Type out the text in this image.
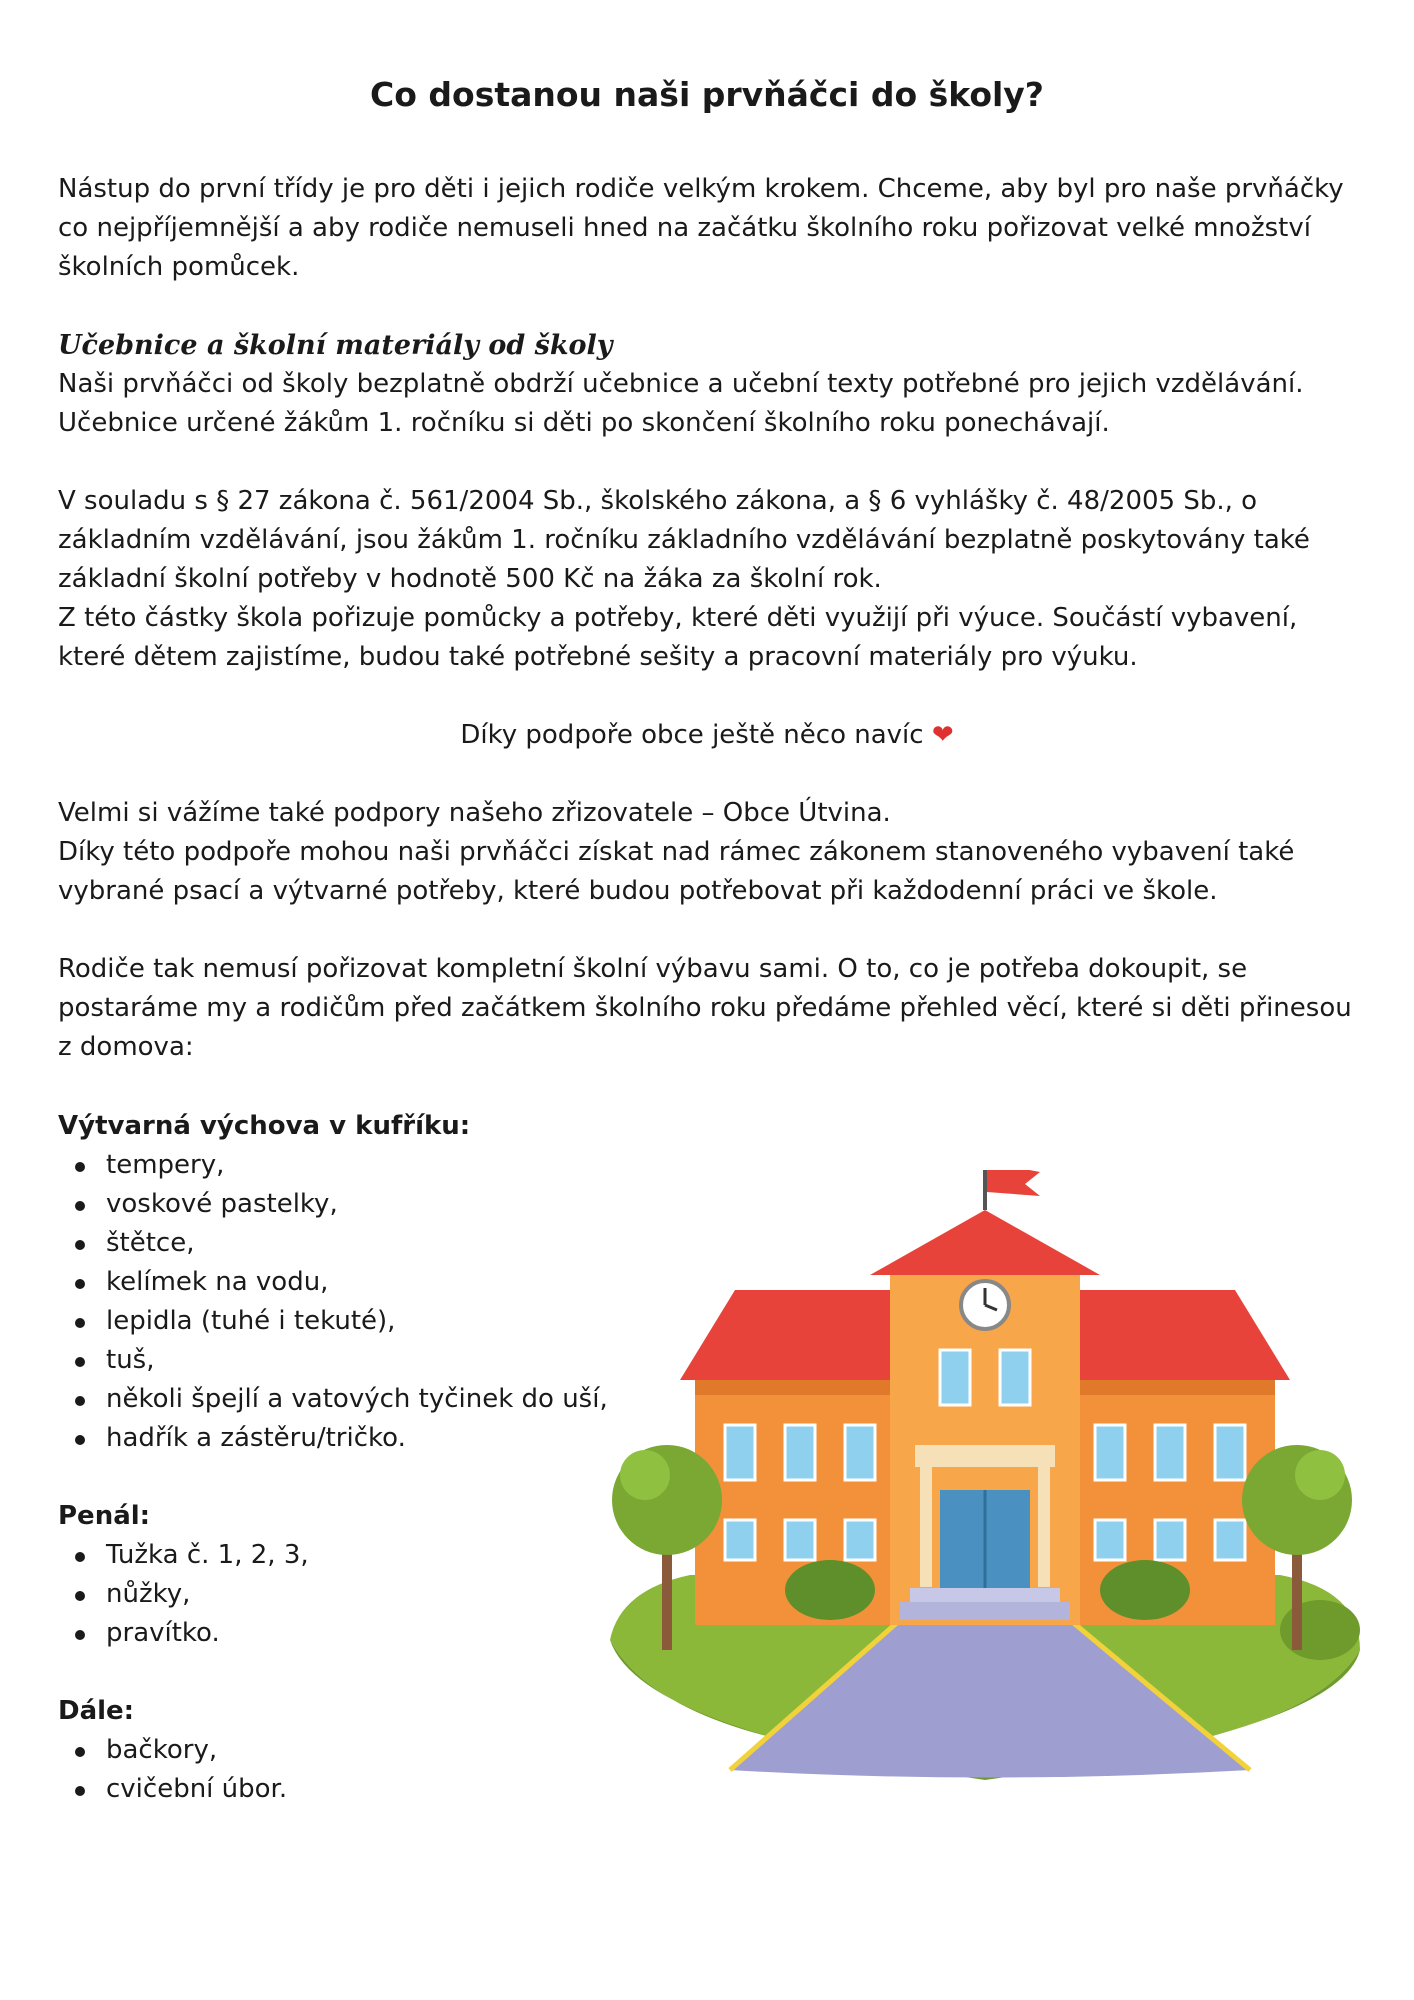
Co dostanou naši prvňáčci do školy?

Nástup do první třídy je pro děti i jejich rodiče velkým krokem. Chceme, aby byl pro naše prvňáčky co nejpříjemnější a aby rodiče nemuseli hned na začátku školního roku pořizovat velké množství školních pomůcek.

Učebnice a školní materiály od školy

Naši prvňáčci od školy bezplatně obdrží učebnice a učební texty potřebné pro jejich vzdělávání. Učebnice určené žákům 1. ročníku si děti po skončení školního roku ponechávají.

V souladu s § 27 zákona č. 561/2004 Sb., školského zákona, a § 6 vyhlášky č. 48/2005 Sb., o základním vzdělávání, jsou žákům 1. ročníku základního vzdělávání bezplatně poskytovány také základní školní potřeby v hodnotě 500 Kč na žáka za školní rok.

Z této částky škola pořizuje pomůcky a potřeby, které děti využijí při výuce. Součástí vybavení, které dětem zajistíme, budou také potřebné sešity a pracovní materiály pro výuku.

Díky podpoře obce ještě něco navíc ❤

Velmi si vážíme také podpory našeho zřizovatele – Obce Útvina.

Díky této podpoře mohou naši prvňáčci získat nad rámec zákonem stanoveného vybavení také vybrané psací a výtvarné potřeby, které budou potřebovat při každodenní práci ve škole.

Rodiče tak nemusí pořizovat kompletní školní výbavu sami. O to, co je potřeba dokoupit, se postaráme my a rodičům před začátkem školního roku předáme přehled věcí, které si děti přinesou z domova:

Výtvarná výchova v kufříku:
tempery,
voskové pastelky,
štětce,
kelímek na vodu,
lepidla (tuhé i tekuté),
tuš,
několi špejlí a vatových tyčinek do uší,
hadřík a zástěru/tričko.
Penál:
Tužka č. 1, 2, 3,
nůžky,
pravítko.
Dále:
bačkory,
cvičební úbor.
